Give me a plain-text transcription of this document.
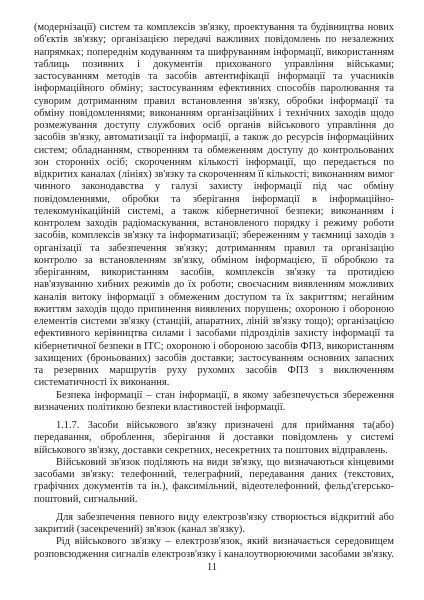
(модернізації) систем та комплексів зв'язку, проектування та будівництва нових об'єктів зв'язку; організацією передачі важливих повідомлень по незалежних напрямках; попереднім кодуванням та шифруванням інформації, використанням таблиць позивних і документів прихованого управління військами; застосуванням методів та засобів автентифікації інформації та учасників інформаційного обміну; застосуванням ефективних способів паролювання та суворим дотриманням правил встановлення зв'язку, обробки інформації та обміну повідомленнями; виконанням організаційних і технічних заходів щодо розмежування доступу службових осіб органів військового управління до засобів зв'язку, автоматизації та інформації, а також до ресурсів інформаційних систем; обладнанням, створенням та обмеженням доступу до контрольованих зон сторонніх осіб; скороченням кількості інформації, що передається по відкритих каналах (лініях) зв'язку та скороченням її кількості; виконанням вимог чинного законодавства у галузі захисту інформації під час обміну повідомленнями, обробки та зберігання інформації в інформаційно-телекомунікаційній системі, а також кібернетичної безпеки; виконанням і контролем заходів радіомаскування, встановленого порядку і режиму роботи засобів, комплексів зв'язку та інформатизації; збереженням у таємниці заходів з організації та забезпечення зв'язку; дотриманням правил та організацію контролю за встановленням зв'язку, обміном інформацією, її обробкою та зберіганням, використанням засобів, комплексів зв'язку та протидією нав'язуванню хибних режимів до їх роботи; своєчасним виявленням можливих каналів витоку інформації з обмеженим доступом та їх закриттям; негайним вжиттям заходів щодо припинення виявлених порушень; охороною і обороною елементів системи зв'язку (станцій, апаратних, ліній зв'язку тощо); організацією ефективного керівництва силами і засобами підрозділів захисту інформації та кібернетичної безпеки в ІТС; охороною і обороною засобів ФПЗ, використанням захищених (броньованих) засобів доставки; застосуванням основних запасних та резервних маршрутів руху рухомих засобів ФПЗ з виключенням систематичності їх виконання.

Безпека інформації – стан інформації, в якому забезпечується збереження визначених політикою безпеки властивостей інформації.

1.1.7. Засоби військового зв'язку призначені для приймання та(або) передавання, оброблення, зберігання й доставки повідомлень у системі військового зв'язку, доставки секретних, несекретних та поштових відправлень.

Військовий зв'язок поділяють на види зв'язку, що визначаються кінцевими засобами зв'язку: телефонний, телеграфний, передавання даних (текстових, графічних документів та ін.), факсимільний, відеотелефонний, фельд'єгерсько-поштовий, сигнальний.

Для забезпечення певного виду електрозв'язку створюється відкритий або закритий (засекречений) зв'язок (канал зв'язку).

Рід військового зв'язку – електрозв'язок, який визначається середовищем розповсюдження сигналів електрозв'язку і каналоутворюючими засобами зв'язку.

11
